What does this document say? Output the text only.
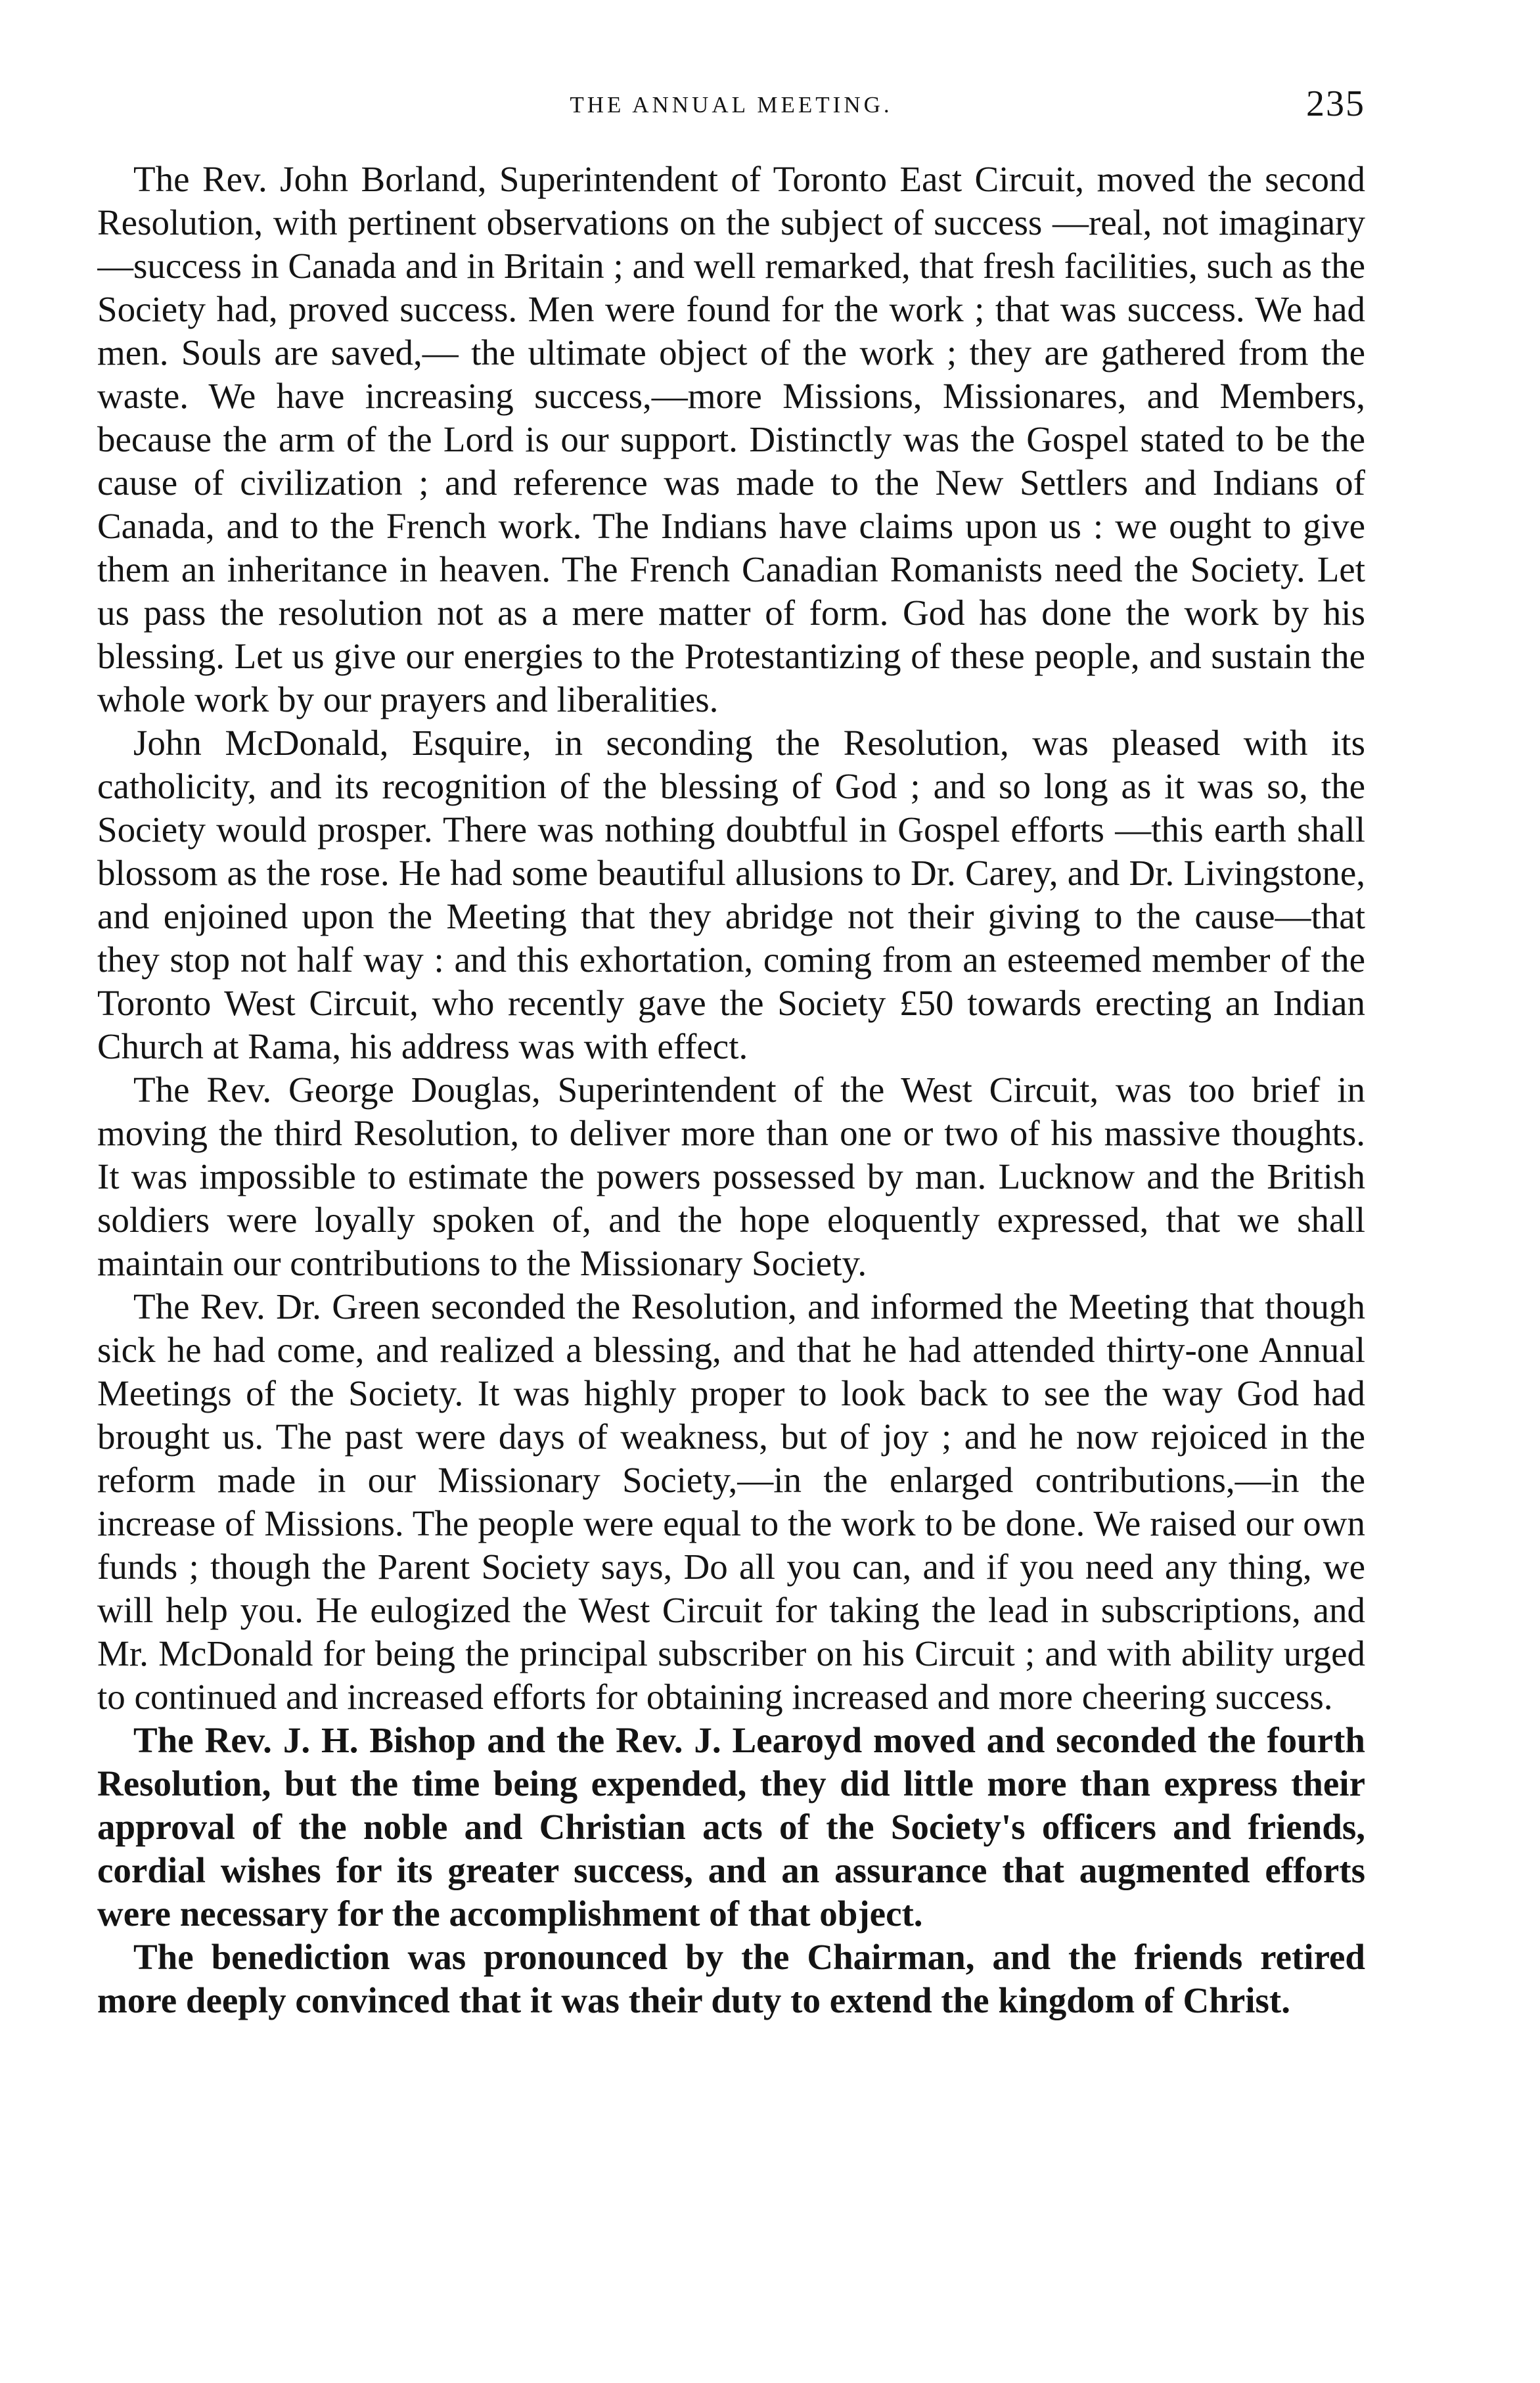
THE ANNUAL MEETING.	235

The Rev. John Borland, Superintendent of Toronto East Circuit, moved the second Resolution, with pertinent observations on the subject of success —real, not imaginary—success in Canada and in Britain ; and well remarked, that fresh facilities, such as the Society had, proved success. Men were found for the work ; that was success. We had men. Souls are saved,— the ultimate object of the work ; they are gathered from the waste. We have increasing success,—more Missions, Missionares, and Members, because the arm of the Lord is our support. Distinctly was the Gospel stated to be the cause of civilization ; and reference was made to the New Settlers and Indians of Canada, and to the French work. The Indians have claims upon us : we ought to give them an inheritance in heaven. The French Canadian Romanists need the Society. Let us pass the resolution not as a mere matter of form. God has done the work by his blessing. Let us give our energies to the Protestantizing of these people, and sustain the whole work by our prayers and liberalities.

John McDonald, Esquire, in seconding the Resolution, was pleased with its catholicity, and its recognition of the blessing of God ; and so long as it was so, the Society would prosper. There was nothing doubtful in Gospel efforts —this earth shall blossom as the rose. He had some beautiful allusions to Dr. Carey, and Dr. Livingstone, and enjoined upon the Meeting that they abridge not their giving to the cause—that they stop not half way : and this exhortation, coming from an esteemed member of the Toronto West Circuit, who recently gave the Society £50 towards erecting an Indian Church at Rama, his address was with effect.

The Rev. George Douglas, Superintendent of the West Circuit, was too brief in moving the third Resolution, to deliver more than one or two of his massive thoughts. It was impossible to estimate the powers possessed by man. Lucknow and the British soldiers were loyally spoken of, and the hope eloquently expressed, that we shall maintain our contributions to the Missionary Society.

The Rev. Dr. Green seconded the Resolution, and informed the Meeting that though sick he had come, and realized a blessing, and that he had attended thirty-one Annual Meetings of the Society. It was highly proper to look back to see the way God had brought us. The past were days of weakness, but of joy ; and he now rejoiced in the reform made in our Missionary Society,—in the enlarged contributions,—in the increase of Missions. The people were equal to the work to be done. We raised our own funds ; though the Parent Society says, Do all you can, and if you need any thing, we will help you. He eulogized the West Circuit for taking the lead in subscriptions, and Mr. McDonald for being the principal subscriber on his Circuit ; and with ability urged to continued and increased efforts for obtaining increased and more cheering success.

The Rev. J. H. Bishop and the Rev. J. Learoyd moved and seconded the fourth Resolution, but the time being expended, they did little more than express their approval of the noble and Christian acts of the Society's officers and friends, cordial wishes for its greater success, and an assurance that augmented efforts were necessary for the accomplishment of that object.

The benediction was pronounced by the Chairman, and the friends retired more deeply convinced that it was their duty to extend the kingdom of Christ.
